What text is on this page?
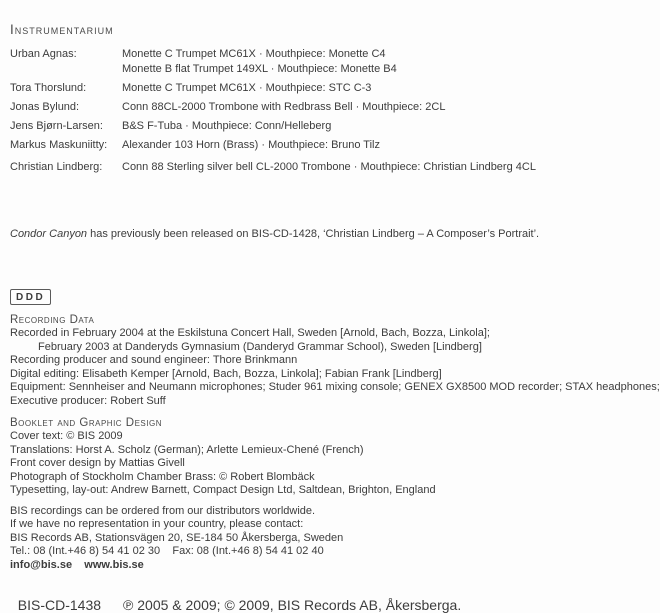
Instrumentarium
Urban Agnas:	Monette C Trumpet MC61X · Mouthpiece: Monette C4
Monette B flat Trumpet 149XL · Mouthpiece: Monette B4
Tora Thorslund:	Monette C Trumpet MC61X · Mouthpiece: STC C-3
Jonas Bylund:	Conn 88CL-2000 Trombone with Redbrass Bell · Mouthpiece: 2CL
Jens Bjørn-Larsen:	B&S F-Tuba · Mouthpiece: Conn/Helleberg
Markus Maskuniitty:	Alexander 103 Horn (Brass) · Mouthpiece: Bruno Tilz
Christian Lindberg:	Conn 88 Sterling silver bell CL-2000 Trombone · Mouthpiece: Christian Lindberg 4CL
Condor Canyon has previously been released on BIS-CD-1428, ‘Christian Lindberg – A Composer’s Portrait’.
DDD
Recording Data
Recorded in February 2004 at the Eskilstuna Concert Hall, Sweden [Arnold, Bach, Bozza, Linkola];
February 2003 at Danderyds Gymnasium (Danderyd Grammar School), Sweden [Lindberg]
Recording producer and sound engineer: Thore Brinkmann
Digital editing: Elisabeth Kemper [Arnold, Bach, Bozza, Linkola]; Fabian Frank [Lindberg]
Equipment: Sennheiser and Neumann microphones; Studer 961 mixing console; GENEX GX8500 MOD recorder; STAX headphones;
Executive producer: Robert Suff
Booklet and Graphic Design
Cover text: © BIS 2009
Translations: Horst A. Scholz (German); Arlette Lemieux-Chené (French)
Front cover design by Mattias Givell
Photograph of Stockholm Chamber Brass: © Robert Blombäck
Typesetting, lay-out: Andrew Barnett, Compact Design Ltd, Saltdean, Brighton, England
BIS recordings can be ordered from our distributors worldwide.
If we have no representation in your country, please contact:
BIS Records AB, Stationsvägen 20, SE-184 50 Åkersberga, Sweden
Tel.: 08 (Int.+46 8) 54 41 02 30    Fax: 08 (Int.+46 8) 54 41 02 40
info@bis.se    www.bis.se

BIS-CD-1438 ℗ 2005 & 2009; © 2009, BIS Records AB, Åkersberga.
